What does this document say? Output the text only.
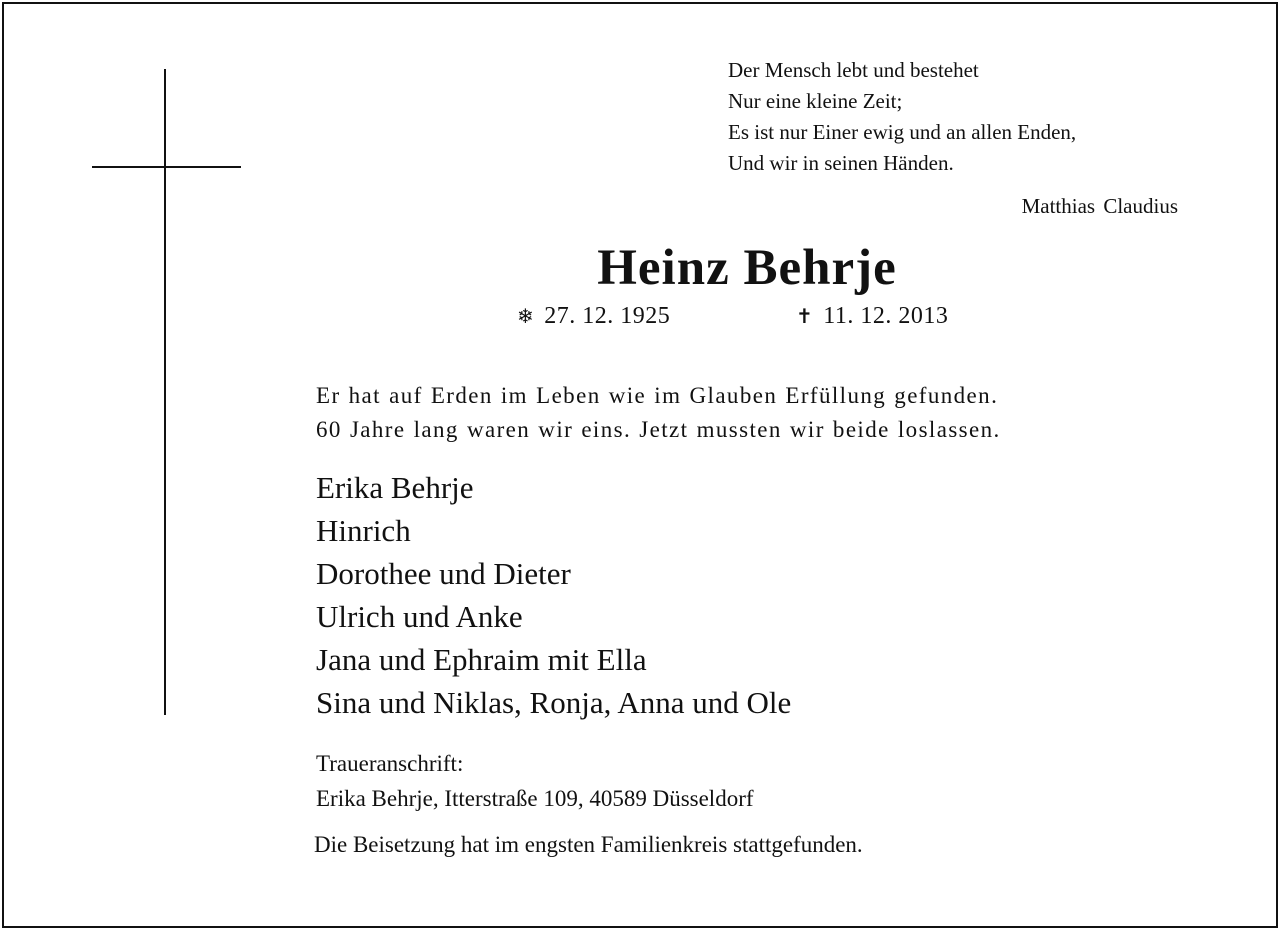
Der Mensch lebt und bestehet
Nur eine kleine Zeit;
Es ist nur Einer ewig und an allen Enden,
Und wir in seinen Händen.
Matthias Claudius
Heinz Behrje
❄ 27. 12. 1925	✝ 11. 12. 2013
Er hat auf Erden im Leben wie im Glauben Erfüllung gefunden.
60 Jahre lang waren wir eins. Jetzt mussten wir beide loslassen.
Erika Behrje
Hinrich
Dorothee und Dieter
Ulrich und Anke
Jana und Ephraim mit Ella
Sina und Niklas, Ronja, Anna und Ole
Traueranschrift:
Erika Behrje, Itterstraße 109, 40589 Düsseldorf
Die Beisetzung hat im engsten Familienkreis stattgefunden.
